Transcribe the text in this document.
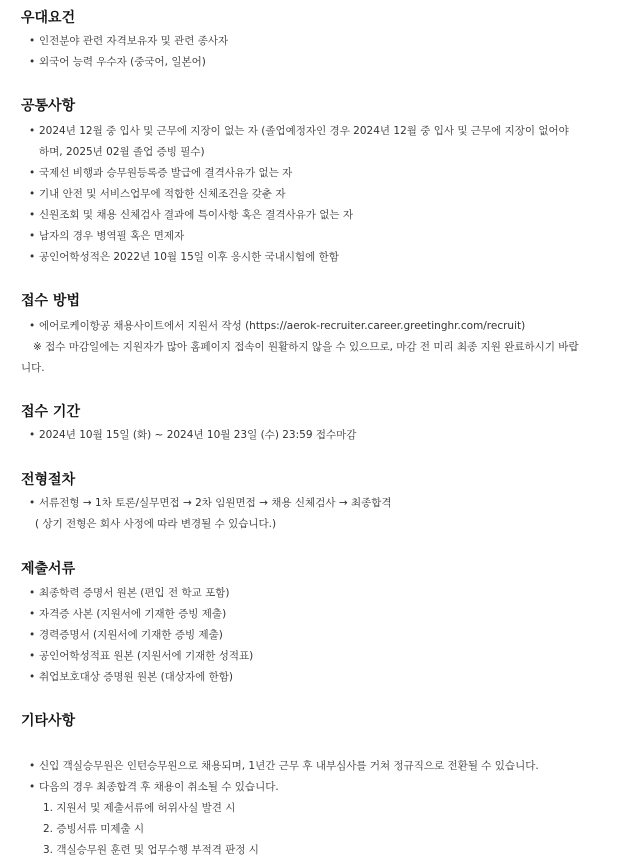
우대요건
• 인전분야 관련 자격보유자 및 관련 종사자
• 외국어 능력 우수자 (중국어, 일본어)
공통사항
• 2024년 12월 중 입사 및 근무에 지장이 없는 자 (졸업예정자인 경우 2024년 12월 중 입사 및 근무에 지장이 없어야
하며, 2025년 02월 졸업 증빙 필수)
• 국제선 비행과 승무원등록증 발급에 결격사유가 없는 자
• 기내 안전 및 서비스업무에 적합한 신체조건을 갖춘 자
• 신원조회 및 채용 신체검사 결과에 특이사항 혹은 결격사유가 없는 자
• 남자의 경우 병역필 혹은 면제자
• 공인어학성적은 2022년 10월 15일 이후 응시한 국내시험에 한함
접수 방법
• 에어로케이항공 채용사이트에서 지원서 작성 (https://aerok-recruiter.career.greetinghr.com/recruit)
※ 접수 마감일에는 지원자가 많아 홈페이지 접속이 원활하지 않을 수 있으므로, 마감 전 미리 최종 지원 완료하시기 바랍
니다.
접수 기간
• 2024년 10월 15일 (화) ~ 2024년 10월 23일 (수) 23:59 접수마감
전형절차
• 서류전형 → 1차 토론/실무면접 → 2차 임원면접 → 채용 신체검사 → 최종합격
( 상기 전형은 회사 사정에 따라 변경될 수 있습니다.)
제출서류
• 최종학력 증명서 원본 (편입 전 학교 포함)
• 자격증 사본 (지원서에 기재한 증빙 제출)
• 경력증명서 (지원서에 기재한 증빙 제출)
• 공인어학성적표 원본 (지원서에 기재한 성적표)
• 취업보호대상 증명원 원본 (대상자에 한함)
기타사항
• 신입 객실승무원은 인턴승무원으로 채용되며, 1년간 근무 후 내부심사를 거쳐 정규직으로 전환될 수 있습니다.
• 다음의 경우 최종합격 후 채용이 취소될 수 있습니다.
1. 지원서 및 제출서류에 허위사실 발견 시
2. 증빙서류 미제출 시
3. 객실승무원 훈련 및 업무수행 부적격 판정 시
